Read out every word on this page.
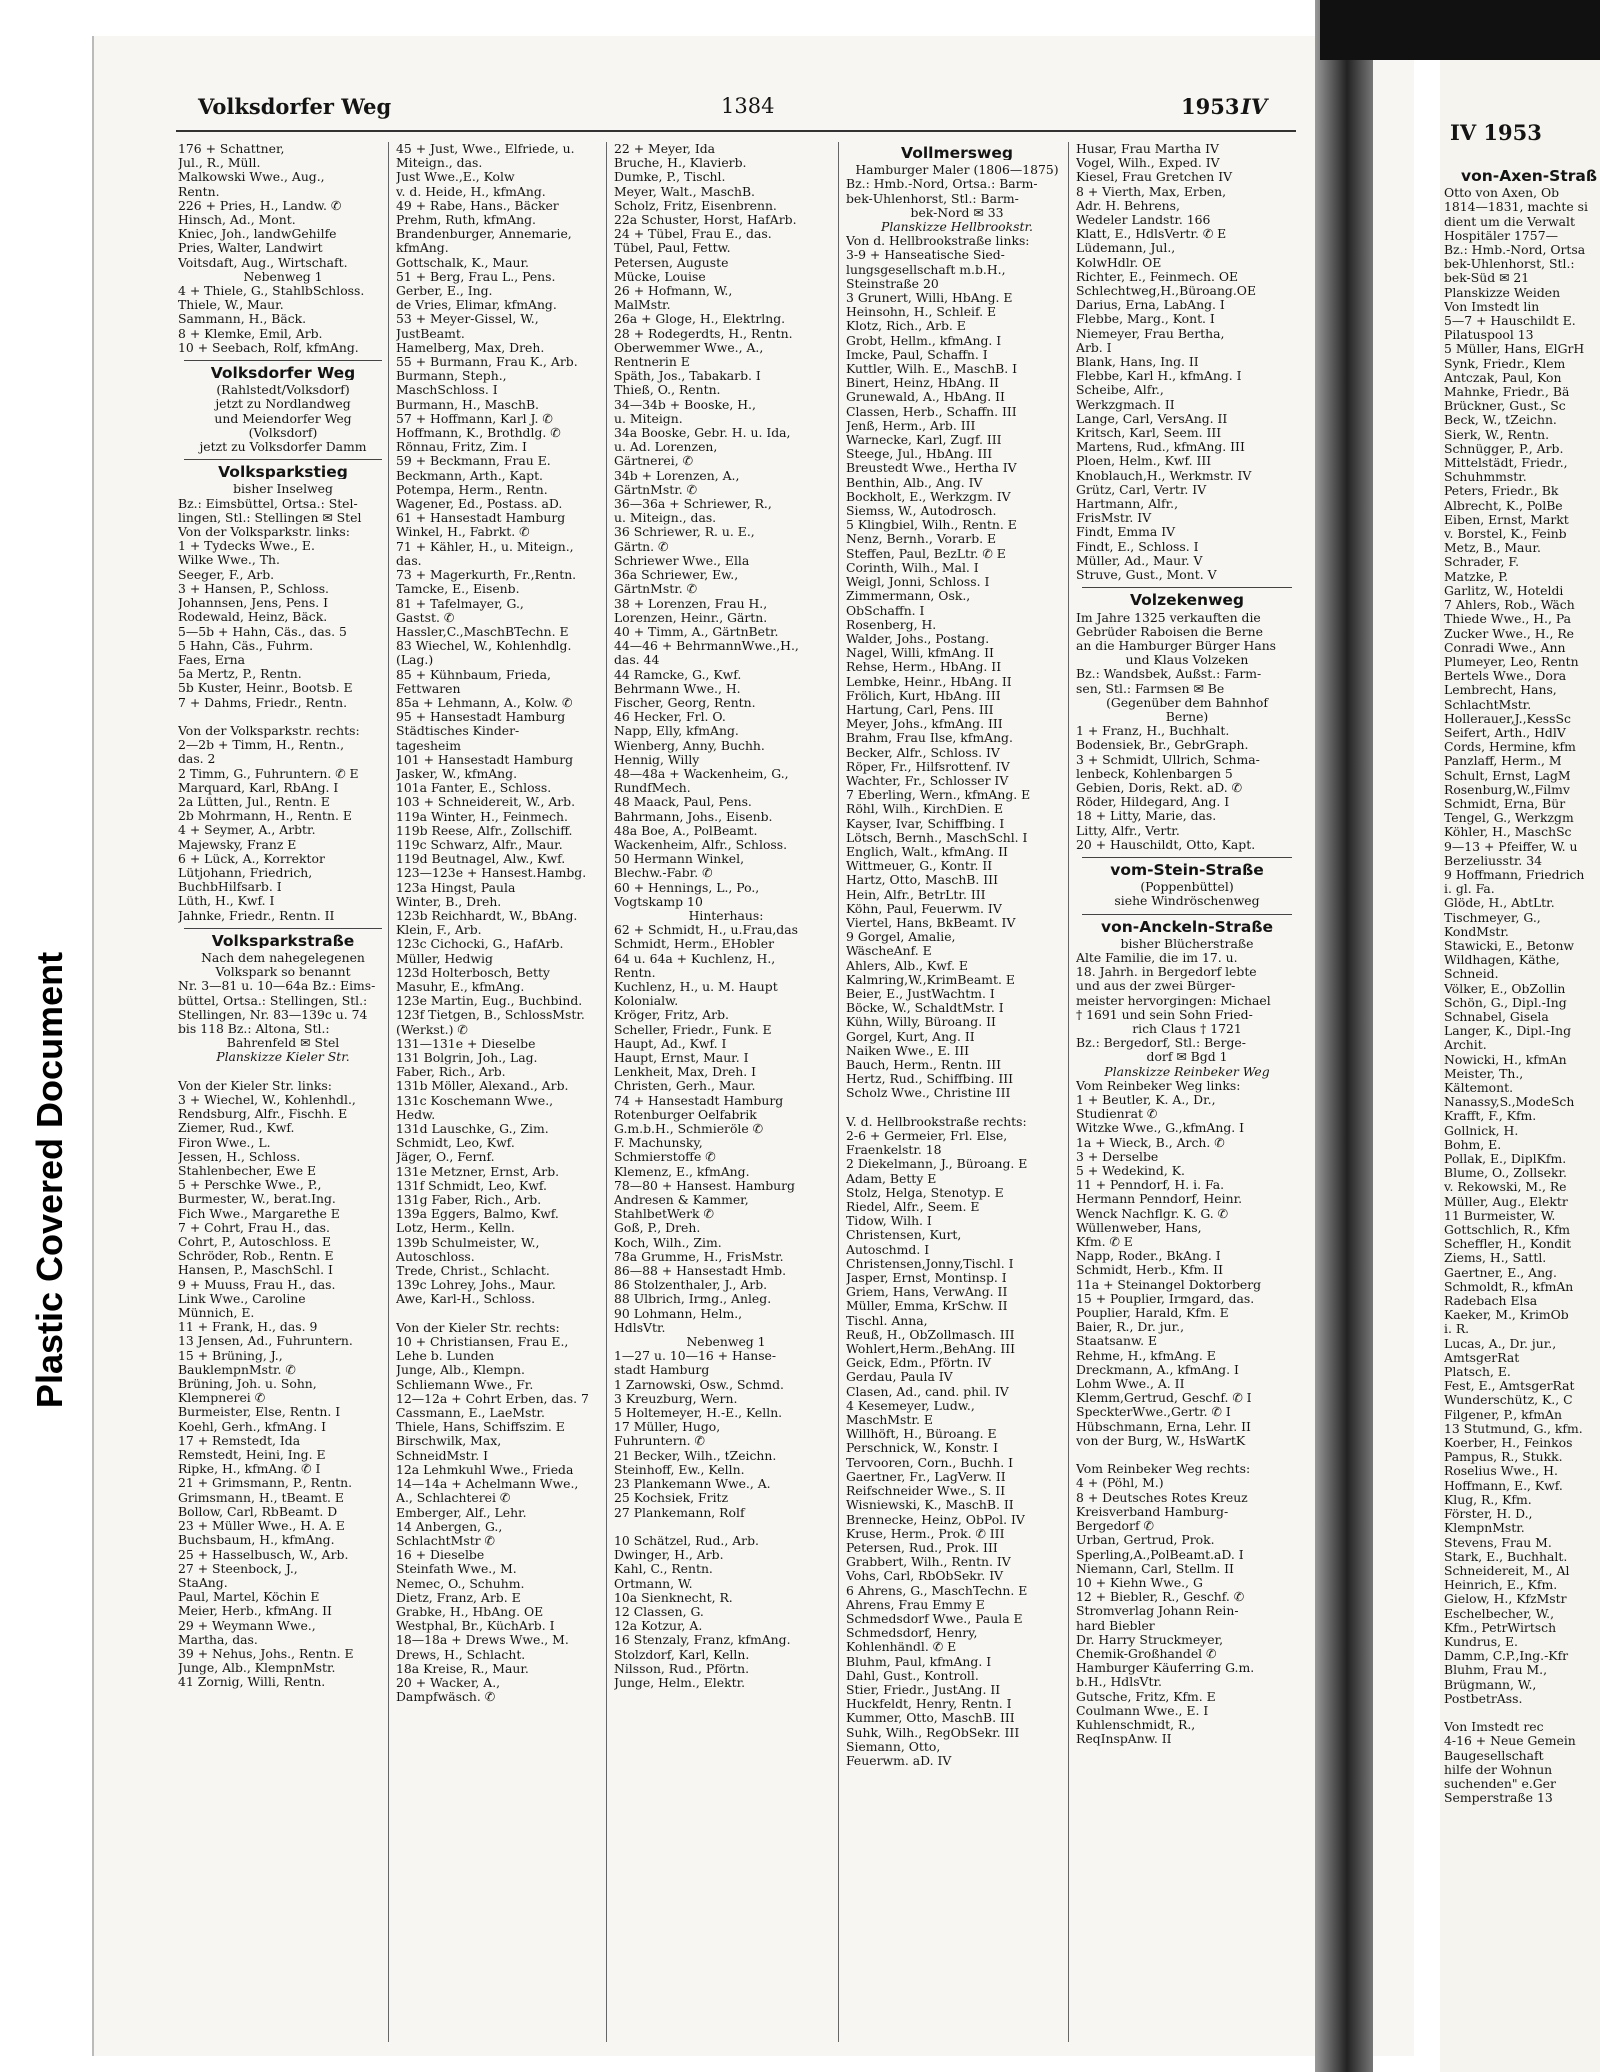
Plastic Covered Document
IV 1953
von-Axen-Straß
Otto von Axen, Ob
1814—1831, machte si
dient um die Verwalt
Hospitäler 1757—
Bz.: Hmb.-Nord, Ortsa
bek-Uhlenhorst, Stl.:
bek-Süd ✉ 21
Planskizze Weiden
Von Imstedt lin
5—7 + Hauschildt E.
Pilatuspool 13
5 Müller, Hans, ElGrH
Synk, Friedr., Klem
Antczak, Paul, Kon
Mahnke, Friedr., Bä
Brückner, Gust., Sc
Beck, W., tZeichn.
Sierk, W., Rentn.
Schnügger, P., Arb.
Mittelstädt, Friedr.,
Schuhmmstr.
Peters, Friedr., Bk
Albrecht, K., PolBe
Eiben, Ernst, Markt
v. Borstel, K., Feinb
Metz, B., Maur.
Schrader, F.
Matzke, P.
Garlitz, W., Hoteldi
7 Ahlers, Rob., Wäch
Thiede Wwe., H., Pa
Zucker Wwe., H., Re
Conradi Wwe., Ann
Plumeyer, Leo, Rentn
Bertels Wwe., Dora
Lembrecht, Hans,
SchlachtMstr.
Hollerauer,J.,KessSc
Seifert, Arth., HdlV
Cords, Hermine, kfm
Panzlaff, Herm., M
Schult, Ernst, LagM
Rosenburg,W.,Filmv
Schmidt, Erna, Bür
Tengel, G., Werkzgm
Köhler, H., MaschSc
9—13 + Pfeiffer, W. u
Berzeliusstr. 34
9 Hoffmann, Friedrich
i. gl. Fa.
Glöde, H., AbtLtr.
Tischmeyer, G.,
KondMstr.
Stawicki, E., Betonw
Wildhagen, Käthe,
Schneid.
Völker, E., ObZollin
Schön, G., Dipl.-Ing
Schnabel, Gisela
Langer, K., Dipl.-Ing
Archit.
Nowicki, H., kfmAn
Meister, Th.,
Kältemont.
Nanassy,S.,ModeSch
Krafft, F., Kfm.
Gollnick, H.
Bohm, E.
Pollak, E., DiplKfm.
Blume, O., Zollsekr.
v. Rekowski, M., Re
Müller, Aug., Elektr
11 Burmeister, W.
Gottschlich, R., Kfm
Scheffler, H., Kondit
Ziems, H., Sattl.
Gaertner, E., Ang.
Schmoldt, R., kfmAn
Radebach Elsa
Kaeker, M., KrimOb
i. R.
Lucas, A., Dr. jur.,
AmtsgerRat
Platsch, E.
Fest, E., AmtsgerRat
Wunderschütz, K., C
Filgener, P., kfmAn
13 Stutmund, G., kfm.
Koerber, H., Feinkos
Pampus, R., Stukk.
Roselius Wwe., H.
Hoffmann, E., Kwf.
Klug, R., Kfm.
Förster, H. D.,
KlempnMstr.
Stevens, Frau M.
Stark, E., Buchhalt.
Schneidereit, M., Al
Heinrich, E., Kfm.
Gielow, H., KfzMstr
Eschelbecher, W.,
Kfm., PetrWirtsch
Kundrus, E.
Damm, C.P.,Ing.-Kfr
Bluhm, Frau M.,
Brügmann, W.,
PostbetrAss.

Von Imstedt rec
4-16 + Neue Gemein
Baugesellschaft
hilfe der Wohnun
suchenden" e.Ger
Semperstraße 13
Volksdorfer Weg	1384	1953 IV
176 + Schattner,
Jul., R., Müll.
Malkowski Wwe., Aug.,
Rentn.
226 + Pries, H., Landw. ✆
Hinsch, Ad., Mont.
Kniec, Joh., landwGehilfe
Pries, Walter, Landwirt
Voitsdaft, Aug., Wirtschaft.
Nebenweg 1
4 + Thiele, G., StahlbSchloss.
Thiele, W., Maur.
Sammann, H., Bäck.
8 + Klemke, Emil, Arb.
10 + Seebach, Rolf, kfmAng.
Volksdorfer Weg
(Rahlstedt/Volksdorf)
jetzt zu Nordlandweg
und Meiendorfer Weg
(Volksdorf)
jetzt zu Volksdorfer Damm
Volksparkstieg
bisher Inselweg
Bz.: Eimsbüttel, Ortsa.: Stel-
lingen, Stl.: Stellingen ✉ Stel
Von der Volksparkstr. links:
1 + Tydecks Wwe., E.
Wilke Wwe., Th.
Seeger, F., Arb.
3 + Hansen, P., Schloss.
Johannsen, Jens, Pens. I
Rodewald, Heinz, Bäck.
5—5b + Hahn, Cäs., das. 5
5 Hahn, Cäs., Fuhrm.
Faes, Erna
5a Mertz, P., Rentn.
5b Kuster, Heinr., Bootsb. E
7 + Dahms, Friedr., Rentn.

Von der Volksparkstr. rechts:
2—2b + Timm, H., Rentn.,
das. 2
2 Timm, G., Fuhruntern. ✆ E
Marquard, Karl, RbAng. I
2a Lütten, Jul., Rentn. E
2b Mohrmann, H., Rentn. E
4 + Seymer, A., Arbtr.
Majewsky, Franz E
6 + Lück, A., Korrektor
Lütjohann, Friedrich,
BuchbHilfsarb. I
Lüth, H., Kwf. I
Jahnke, Friedr., Rentn. II
Volksparkstraße
Nach dem nahegelegenen
Volkspark so benannt
Nr. 3—81 u. 10—64a Bz.: Eims-
büttel, Ortsa.: Stellingen, Stl.:
Stellingen, Nr. 83—139c u. 74
bis 118 Bz.: Altona, Stl.:
Bahrenfeld ✉ Stel
Planskizze Kieler Str.

Von der Kieler Str. links:
3 + Wiechel, W., Kohlenhdl.,
Rendsburg, Alfr., Fischh. E
Ziemer, Rud., Kwf.
Firon Wwe., L.
Jessen, H., Schloss.
Stahlenbecher, Ewe E
5 + Perschke Wwe., P.,
Burmester, W., berat.Ing.
Fich Wwe., Margarethe E
7 + Cohrt, Frau H., das.
Cohrt, P., Autoschloss. E
Schröder, Rob., Rentn. E
Hansen, P., MaschSchl. I
9 + Muuss, Frau H., das.
Link Wwe., Caroline
Münnich, E.
11 + Frank, H., das. 9
13 Jensen, Ad., Fuhruntern.
15 + Brüning, J.,
BauklempnMstr. ✆
Brüning, Joh. u. Sohn,
Klempnerei ✆
Burmeister, Else, Rentn. I
Koehl, Gerh., kfmAng. I
17 + Remstedt, Ida
Remstedt, Heini, Ing. E
Ripke, H., kfmAng. ✆ I
21 + Grimsmann, P., Rentn.
Grimsmann, H., tBeamt. E
Bollow, Carl, RbBeamt. D
23 + Müller Wwe., H. A. E
Buchsbaum, H., kfmAng.
25 + Hasselbusch, W., Arb.
27 + Steenbock, J.,
StaAng.
Paul, Martel, Köchin E
Meier, Herb., kfmAng. II
29 + Weymann Wwe.,
Martha, das.
39 + Nehus, Johs., Rentn. E
Junge, Alb., KlempnMstr.
41 Zornig, Willi, Rentn.
45 + Just, Wwe., Elfriede, u.
Miteign., das.
Just Wwe.,E., Kolw
v. d. Heide, H., kfmAng.
49 + Rabe, Hans., Bäcker
Prehm, Ruth, kfmAng.
Brandenburger, Annemarie,
kfmAng.
Gottschalk, K., Maur.
51 + Berg, Frau L., Pens.
Gerber, E., Ing.
de Vries, Elimar, kfmAng.
53 + Meyer-Gissel, W.,
JustBeamt.
Hamelberg, Max, Dreh.
55 + Burmann, Frau K., Arb.
Burmann, Steph.,
MaschSchloss. I
Burmann, H., MaschB.
57 + Hoffmann, Karl J. ✆
Hoffmann, K., Brothdlg. ✆
Rönnau, Fritz, Zim. I
59 + Beckmann, Frau E.
Beckmann, Arth., Kapt.
Potempa, Herm., Rentn.
Wagener, Ed., Postass. aD.
61 + Hansestadt Hamburg
Winkel, H., Fabrkt. ✆
71 + Kähler, H., u. Miteign.,
das.
73 + Magerkurth, Fr.,Rentn.
Tamcke, E., Eisenb.
81 + Tafelmayer, G.,
Gastst. ✆
Hassler,C.,MaschBTechn. E
83 Wiechel, W., Kohlenhdlg.
(Lag.)
85 + Kühnbaum, Frieda,
Fettwaren
85a + Lehmann, A., Kolw. ✆
95 + Hansestadt Hamburg
Städtisches Kinder-
tagesheim
101 + Hansestadt Hamburg
Jasker, W., kfmAng.
101a Fanter, E., Schloss.
103 + Schneidereit, W., Arb.
119a Winter, H., Feinmech.
119b Reese, Alfr., Zollschiff.
119c Schwarz, Alfr., Maur.
119d Beutnagel, Alw., Kwf.
123—123e + Hansest.Hambg.
123a Hingst, Paula
Winter, B., Dreh.
123b Reichhardt, W., BbAng.
Klein, F., Arb.
123c Cichocki, G., HafArb.
Müller, Hedwig
123d Holterbosch, Betty
Masuhr, E., kfmAng.
123e Martin, Eug., Buchbind.
123f Tietgen, B., SchlossMstr.
(Werkst.) ✆
131—131e + Dieselbe
131 Bolgrin, Joh., Lag.
Faber, Rich., Arb.
131b Möller, Alexand., Arb.
131c Koschemann Wwe.,
Hedw.
131d Lauschke, G., Zim.
Schmidt, Leo, Kwf.
Jäger, O., Fernf.
131e Metzner, Ernst, Arb.
131f Schmidt, Leo, Kwf.
131g Faber, Rich., Arb.
139a Eggers, Balmo, Kwf.
Lotz, Herm., Kelln.
139b Schulmeister, W.,
Autoschloss.
Trede, Christ., Schlacht.
139c Lohrey, Johs., Maur.
Awe, Karl-H., Schloss.

Von der Kieler Str. rechts:
10 + Christiansen, Frau E.,
Lehe b. Lunden
Junge, Alb., Klempn.
Schliemann Wwe., Fr.
12—12a + Cohrt Erben, das. 7
Cassmann, E., LaeMstr.
Thiele, Hans, Schiffszim. E
Birschwilk, Max,
SchneidMstr. I
12a Lehmkuhl Wwe., Frieda
14—14a + Achelmann Wwe.,
A., Schlachterei ✆
Emberger, Alf., Lehr.
14 Anbergen, G.,
SchlachtMstr ✆
16 + Dieselbe
Steinfath Wwe., M.
Nemec, O., Schuhm.
Dietz, Franz, Arb. E
Grabke, H., HbAng. OE
Westphal, Br., KüchArb. I
18—18a + Drews Wwe., M.
Drews, H., Schlacht.
18a Kreise, R., Maur.
20 + Wacker, A.,
Dampfwäsch. ✆
22 + Meyer, Ida
Bruche, H., Klavierb.
Dumke, P., Tischl.
Meyer, Walt., MaschB.
Scholz, Fritz, Eisenbrenn.
22a Schuster, Horst, HafArb.
24 + Tübel, Frau E., das.
Tübel, Paul, Fettw.
Petersen, Auguste
Mücke, Louise
26 + Hofmann, W.,
MalMstr.
26a + Gloge, H., Elektrlng.
28 + Rodegerdts, H., Rentn.
Oberwemmer Wwe., A.,
Rentnerin E
Späth, Jos., Tabakarb. I
Thieß, O., Rentn.
34—34b + Booske, H.,
u. Miteign.
34a Booske, Gebr. H. u. Ida,
u. Ad. Lorenzen,
Gärtnerei, ✆
34b + Lorenzen, A.,
GärtnMstr. ✆
36—36a + Schriewer, R.,
u. Miteign., das.
36 Schriewer, R. u. E.,
Gärtn. ✆
Schriewer Wwe., Ella
36a Schriewer, Ew.,
GärtnMstr. ✆
38 + Lorenzen, Frau H.,
Lorenzen, Heinr., Gärtn.
40 + Timm, A., GärtnBetr.
44—46 + BehrmannWwe.,H.,
das. 44
44 Ramcke, G., Kwf.
Behrmann Wwe., H.
Fischer, Georg, Rentn.
46 Hecker, Frl. O.
Napp, Elly, kfmAng.
Wienberg, Anny, Buchh.
Hennig, Willy
48—48a + Wackenheim, G.,
RundfMech.
48 Maack, Paul, Pens.
Bahrmann, Johs., Eisenb.
48a Boe, A., PolBeamt.
Wackenheim, Alfr., Schloss.
50 Hermann Winkel,
Blechw.-Fabr. ✆
60 + Hennings, L., Po.,
Vogtskamp 10
Hinterhaus:
62 + Schmidt, H., u.Frau,das
Schmidt, Herm., EHobler
64 u. 64a + Kuchlenz, H.,
Rentn.
Kuchlenz, H., u. M. Haupt
Kolonialw.
Kröger, Fritz, Arb.
Scheller, Friedr., Funk. E
Haupt, Ad., Kwf. I
Haupt, Ernst, Maur. I
Lenkheit, Max, Dreh. I
Christen, Gerh., Maur.
74 + Hansestadt Hamburg
Rotenburger Oelfabrik
G.m.b.H., Schmieröle ✆
F. Machunsky,
Schmierstoffe ✆
Klemenz, E., kfmAng.
78—80 + Hansest. Hamburg
Andresen & Kammer,
StahlbetWerk ✆
Goß, P., Dreh.
Koch, Wilh., Zim.
78a Grumme, H., FrisMstr.
86—88 + Hansestadt Hmb.
86 Stolzenthaler, J., Arb.
88 Ulbrich, Irmg., Anleg.
90 Lohmann, Helm.,
HdlsVtr.
Nebenweg 1
1—27 u. 10—16 + Hanse-
stadt Hamburg
1 Zarnowski, Osw., Schmd.
3 Kreuzburg, Wern.
5 Holtemeyer, H.-E., Kelln.
17 Müller, Hugo,
Fuhruntern. ✆
21 Becker, Wilh., tZeichn.
Steinhoff, Ew., Kelln.
23 Plankemann Wwe., A.
25 Kochsiek, Fritz
27 Plankemann, Rolf

10 Schätzel, Rud., Arb.
Dwinger, H., Arb.
Kahl, C., Rentn.
Ortmann, W.
10a Sienknecht, R.
12 Classen, G.
12a Kotzur, A.
16 Stenzaly, Franz, kfmAng.
Stolzdorf, Karl, Kelln.
Nilsson, Rud., Pförtn.
Junge, Helm., Elektr.
Vollmersweg
Hamburger Maler (1806—1875)
Bz.: Hmb.-Nord, Ortsa.: Barm-
bek-Uhlenhorst, Stl.: Barm-
bek-Nord ✉ 33
Planskizze Hellbrookstr.
Von d. Hellbrookstraße links:
3-9 + Hanseatische Sied-
lungsgesellschaft m.b.H.,
Steinstraße 20
3 Grunert, Willi, HbAng. E
Heinsohn, H., Schleif. E
Klotz, Rich., Arb. E
Grobt, Hellm., kfmAng. I
Imcke, Paul, Schaffn. I
Kuttler, Wilh. E., MaschB. I
Binert, Heinz, HbAng. II
Grunewald, A., HbAng. II
Classen, Herb., Schaffn. III
Jenß, Herm., Arb. III
Warnecke, Karl, Zugf. III
Steege, Jul., HbAng. III
Breustedt Wwe., Hertha IV
Benthin, Alb., Ang. IV
Bockholt, E., Werkzgm. IV
Siemss, W., Autodrosch.
5 Klingbiel, Wilh., Rentn. E
Nenz, Bernh., Vorarb. E
Steffen, Paul, BezLtr. ✆ E
Corinth, Wilh., Mal. I
Weigl, Jonni, Schloss. I
Zimmermann, Osk.,
ObSchaffn. I
Rosenberg, H.
Walder, Johs., Postang.
Nagel, Willi, kfmAng. II
Rehse, Herm., HbAng. II
Lembke, Heinr., HbAng. II
Frölich, Kurt, HbAng. III
Hartung, Carl, Pens. III
Meyer, Johs., kfmAng. III
Brahm, Frau Ilse, kfmAng.
Becker, Alfr., Schloss. IV
Röper, Fr., Hilfsrottenf. IV
Wachter, Fr., Schlosser IV
7 Eberling, Wern., kfmAng. E
Röhl, Wilh., KirchDien. E
Kayser, Ivar, Schiffbing. I
Lötsch, Bernh., MaschSchl. I
Englich, Walt., kfmAng. II
Wittmeuer, G., Kontr. II
Hartz, Otto, MaschB. III
Hein, Alfr., BetrLtr. III
Köhn, Paul, Feuerwm. IV
Viertel, Hans, BkBeamt. IV
9 Gorgel, Amalie,
WäscheAnf. E
Ahlers, Alb., Kwf. E
Kalmring,W.,KrimBeamt. E
Beier, E., JustWachtm. I
Böcke, W., SchaldtMstr. I
Kühn, Willy, Büroang. II
Gorgel, Kurt, Ang. II
Naiken Wwe., E. III
Bauch, Herm., Rentn. III
Hertz, Rud., Schiffbing. III
Scholz Wwe., Christine III

V. d. Hellbrookstraße rechts:
2-6 + Germeier, Frl. Else,
Fraenkelstr. 18
2 Diekelmann, J., Büroang. E
Adam, Betty E
Stolz, Helga, Stenotyp. E
Riedel, Alfr., Seem. E
Tidow, Wilh. I
Christensen, Kurt,
Autoschmd. I
Christensen,Jonny,Tischl. I
Jasper, Ernst, Montinsp. I
Griem, Hans, VerwAng. II
Müller, Emma, KrSchw. II
Tischl. Anna,
Reuß, H., ObZollmasch. III
Wohlert,Herm.,BehAng. III
Geick, Edm., Pförtn. IV
Gerdau, Paula IV
Clasen, Ad., cand. phil. IV
4 Kesemeyer, Ludw.,
MaschMstr. E
Willhöft, H., Büroang. E
Perschnick, W., Konstr. I
Tervooren, Corn., Buchh. I
Gaertner, Fr., LagVerw. II
Reifschneider Wwe., S. II
Wisniewski, K., MaschB. II
Brennecke, Heinz, ObPol. IV
Kruse, Herm., Prok. ✆ III
Petersen, Rud., Prok. III
Grabbert, Wilh., Rentn. IV
Vohs, Carl, RbObSekr. IV
6 Ahrens, G., MaschTechn. E
Ahrens, Frau Emmy E
Schmedsdorf Wwe., Paula E
Schmedsdorf, Henry,
Kohlenhändl. ✆ E
Bluhm, Paul, kfmAng. I
Dahl, Gust., Kontroll.
Stier, Friedr., JustAng. II
Huckfeldt, Henry, Rentn. I
Kummer, Otto, MaschB. III
Suhk, Wilh., RegObSekr. III
Siemann, Otto,
Feuerwm. aD. IV
Husar, Frau Martha IV
Vogel, Wilh., Exped. IV
Kiesel, Frau Gretchen IV
8 + Vierth, Max, Erben,
Adr. H. Behrens,
Wedeler Landstr. 166
Klatt, E., HdlsVertr. ✆ E
Lüdemann, Jul.,
KolwHdlr. OE
Richter, E., Feinmech. OE
Schlechtweg,H.,Büroang.OE
Darius, Erna, LabAng. I
Flebbe, Marg., Kont. I
Niemeyer, Frau Bertha,
Arb. I
Blank, Hans, Ing. II
Flebbe, Karl H., kfmAng. I
Scheibe, Alfr.,
Werkzgmach. II
Lange, Carl, VersAng. II
Kritsch, Karl, Seem. III
Martens, Rud., kfmAng. III
Ploen, Helm., Kwf. III
Knoblauch,H., Werkmstr. IV
Grütz, Carl, Vertr. IV
Hartmann, Alfr.,
FrisMstr. IV
Findt, Emma IV
Findt, E., Schloss. I
Müller, Ad., Maur. V
Struve, Gust., Mont. V
Volzekenweg
Im Jahre 1325 verkauften die
Gebrüder Raboisen die Berne
an die Hamburger Bürger Hans
und Klaus Volzeken
Bz.: Wandsbek, Außst.: Farm-
sen, Stl.: Farmsen ✉ Be
(Gegenüber dem Bahnhof
Berne)
1 + Franz, H., Buchhalt.
Bodensiek, Br., GebrGraph.
3 + Schmidt, Ullrich, Schma-
lenbeck, Kohlenbargen 5
Gebien, Doris, Rekt. aD. ✆
Röder, Hildegard, Ang. I
18 + Litty, Marie, das.
Litty, Alfr., Vertr.
20 + Hauschildt, Otto, Kapt.
vom-Stein-Straße
(Poppenbüttel)
siehe Windröschenweg
von-Anckeln-Straße
bisher Blücherstraße
Alte Familie, die im 17. u.
18. Jahrh. in Bergedorf lebte
und aus der zwei Bürger-
meister hervorgingen: Michael
† 1691 und sein Sohn Fried-
rich Claus † 1721
Bz.: Bergedorf, Stl.: Berge-
dorf ✉ Bgd 1
Planskizze Reinbeker Weg
Vom Reinbeker Weg links:
1 + Beutler, K. A., Dr.,
Studienrat ✆
Witzke Wwe., G.,kfmAng. I
1a + Wieck, B., Arch. ✆
3 + Derselbe
5 + Wedekind, K.
11 + Penndorf, H. i. Fa.
Hermann Penndorf, Heinr.
Wenck Nachflgr. K. G. ✆
Wüllenweber, Hans,
Kfm. ✆ E
Napp, Roder., BkAng. I
Schmidt, Herb., Kfm. II
11a + Steinangel Doktorberg
15 + Pouplier, Irmgard, das.
Pouplier, Harald, Kfm. E
Baier, R., Dr. jur.,
Staatsanw. E
Rehme, H., kfmAng. E
Dreckmann, A., kfmAng. I
Lohm Wwe., A. II
Klemm,Gertrud, Geschf. ✆ I
SpeckterWwe.,Gertr. ✆ I
Hübschmann, Erna, Lehr. II
von der Burg, W., HsWartK

Vom Reinbeker Weg rechts:
4 + (Pöhl, M.)
8 + Deutsches Rotes Kreuz
Kreisverband Hamburg-
Bergedorf ✆
Urban, Gertrud, Prok.
Sperling,A.,PolBeamt.aD. I
Niemann, Carl, Stellm. II
10 + Kiehn Wwe., G
12 + Biebler, R., Geschf. ✆
Stromverlag Johann Rein-
hard Biebler
Dr. Harry Struckmeyer,
Chemik-Großhandel ✆
Hamburger Käuferring G.m.
b.H., HdlsVtr.
Gutsche, Fritz, Kfm. E
Coulmann Wwe., E. I
Kuhlenschmidt, R.,
ReqInspAnw. II
